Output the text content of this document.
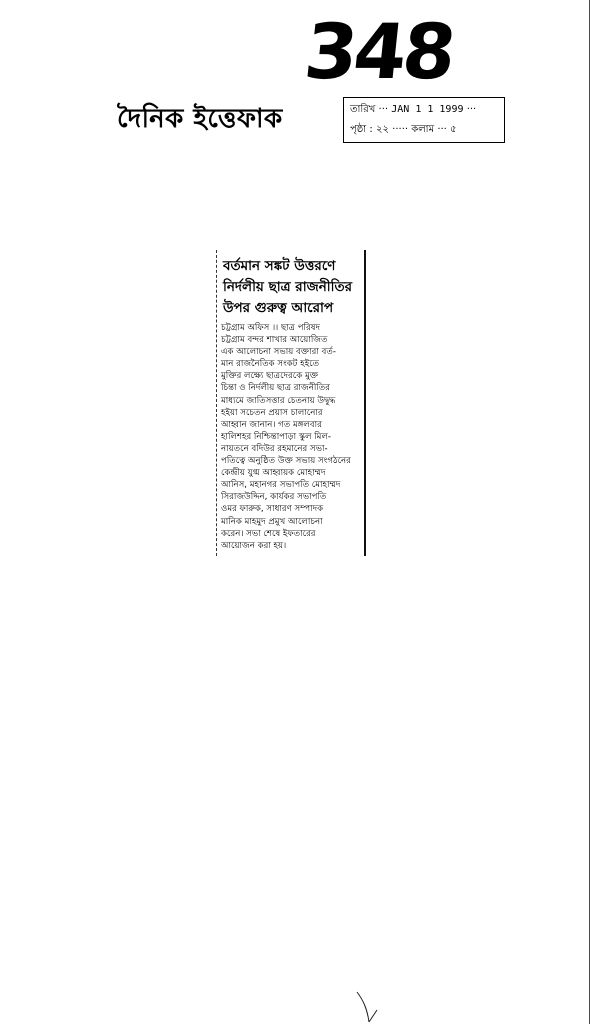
348
দৈনিক ইত্তেফাক	তারিখ ··· JAN 1 1 1999 ···
পৃষ্ঠা : ২২ ····· কলাম ··· ৫
বর্তমান সঙ্কট উত্তরণে
নির্দলীয় ছাত্র রাজনীতির
উপর গুরুত্ব আরোপ
চট্টগ্রাম অফিস ।। ছাত্র পরিষদ
চট্টগ্রাম বন্দর শাখার আয়োজিত
এক আলোচনা সভায় বক্তারা বর্ত-
মান রাজনৈতিক সংকট হইতে
মুক্তির লক্ষ্যে ছাত্রদেরকে মুক্ত
চিন্তা ও নির্দলীয় ছাত্র রাজনীতির
মাধ্যমে জাতিসত্তার চেতনায় উদ্বুদ্ধ
হইয়া সচেতন প্রয়াস চালানোর
আহ্বান জানান। গত মঙ্গলবার
হালিশহর নিশ্চিন্তাপাড়া স্কুল মিল-
নায়তনে বদিউর রহমানের সভা-
পতিত্বে অনুষ্ঠিত উক্ত সভায় সংগঠনের
কেন্দ্রীয় যুগ্ম আহ্বায়ক মোহাম্মদ
আনিস, মহানগর সভাপতি মোহাম্মদ
সিরাজউদ্দিন, কার্যকর সভাপতি
ওমর ফারুক, সাধারণ সম্পাদক
মানিক মাহমুদ প্রমুখ আলোচনা
করেন। সভা শেষে ইফতারের
আয়োজন করা হয়।
